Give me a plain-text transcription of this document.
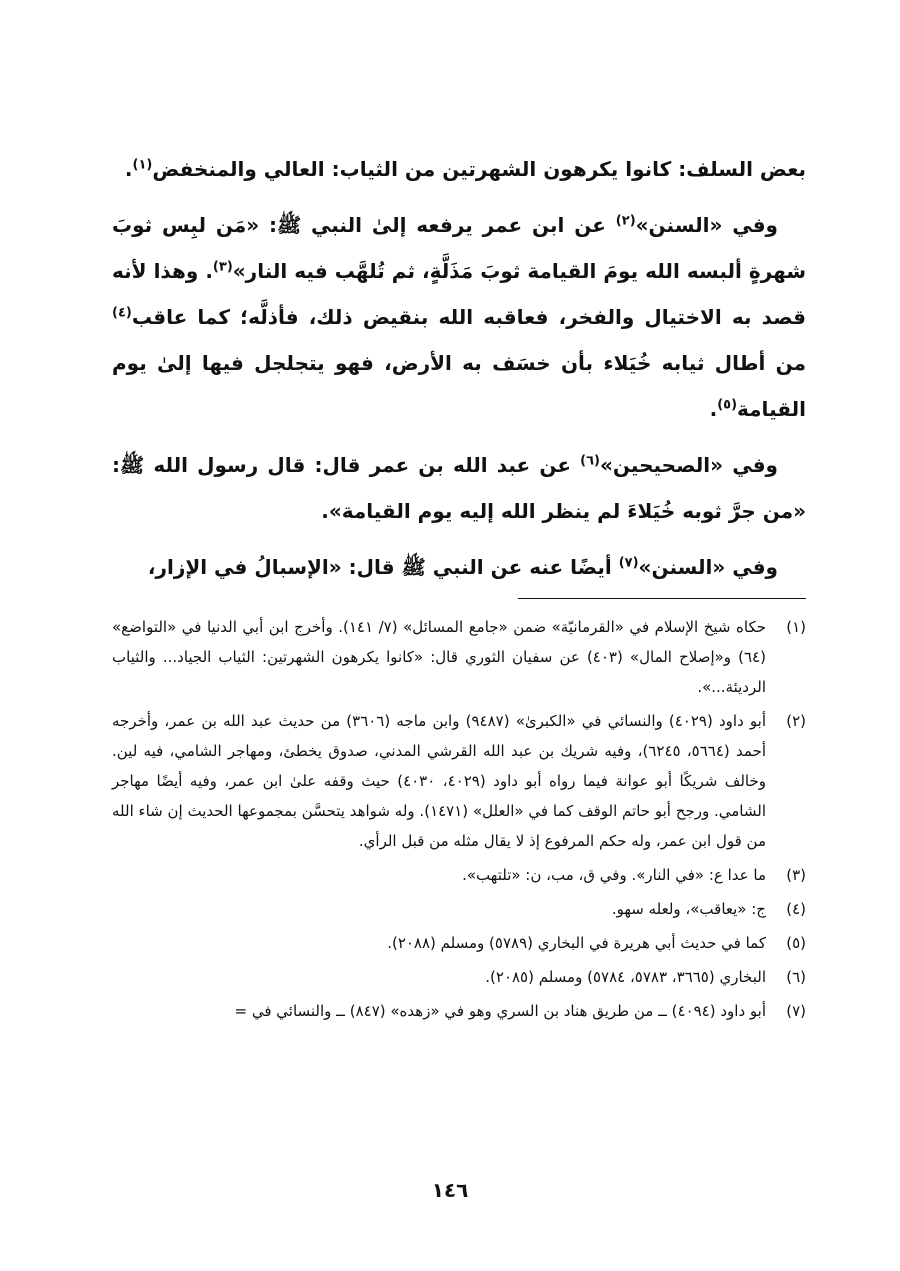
بعض السلف: كانوا يكرهون الشهرتين من الثياب: العالي والمنخفض$^{(١)}$.

وفي «السنن»$^{(٢)}$ عن ابن عمر يرفعه إلىٰ النبي ﷺ: «مَن لبِس ثوبَ شهرةٍ ألبسه الله يومَ القيامة ثوبَ مَذَلَّةٍ، ثم تُلهَّب فيه النار»$^{(٣)}$. وهذا لأنه قصد به الاختيال والفخر، فعاقبه الله بنقيض ذلك، فأذلَّه؛ كما عاقب$^{(٤)}$ من أطال ثيابه خُيَلاء بأن خسَف به الأرض، فهو يتجلجل فيها إلىٰ يوم القيامة$^{(٥)}$.

وفي «الصحيحين»$^{(٦)}$ عن عبد الله بن عمر قال: قال رسول الله ﷺ: «من جرَّ ثوبه خُيَلاءَ لم ينظر الله إليه يوم القيامة».

وفي «السنن»$^{(٧)}$ أيضًا عنه عن النبي ﷺ قال: «الإسبالُ في الإزار،

(١)
حكاه شيخ الإسلام في «القرمانيّة» ضمن «جامع المسائل» (٧/ ١٤١). وأخرج ابن أبي الدنيا في «التواضع» (٦٤) و«إصلاح المال» (٤٠٣) عن سفيان الثوري قال: «كانوا يكرهون الشهرتين: الثياب الجياد... والثياب الرديئة...».
(٢)
أبو داود (٤٠٢٩) والنسائي في «الكبرىٰ» (٩٤٨٧) وابن ماجه (٣٦٠٦) من حديث عبد الله بن عمر، وأخرجه أحمد (٥٦٦٤، ٦٢٤٥)، وفيه شريك بن عبد الله القرشي المدني، صدوق يخطئ، ومهاجر الشامي، فيه لين. وخالف شريكًا أبو عوانة فيما رواه أبو داود (٤٠٢٩، ٤٠٣٠) حيث وقفه علىٰ ابن عمر، وفيه أيضًا مهاجر الشامي. ورجح أبو حاتم الوقف كما في «العلل» (١٤٧١). وله شواهد يتحسَّن بمجموعها الحديث إن شاء الله من قول ابن عمر، وله حكم المرفوع إذ لا يقال مثله من قبل الرأي.
(٣)
ما عدا ع: «في النار». وفي ق، مب، ن: «تلتهب».
(٤)
ج: «يعاقب»، ولعله سهو.
(٥)
كما في حديث أبي هريرة في البخاري (٥٧٨٩) ومسلم (٢٠٨٨).
(٦)
البخاري (٣٦٦٥، ٥٧٨٣، ٥٧٨٤) ومسلم (٢٠٨٥).
(٧)
أبو داود (٤٠٩٤) ــ من طريق هناد بن السري وهو في «زهده» (٨٤٧) ــ والنسائي في =
١٤٦
